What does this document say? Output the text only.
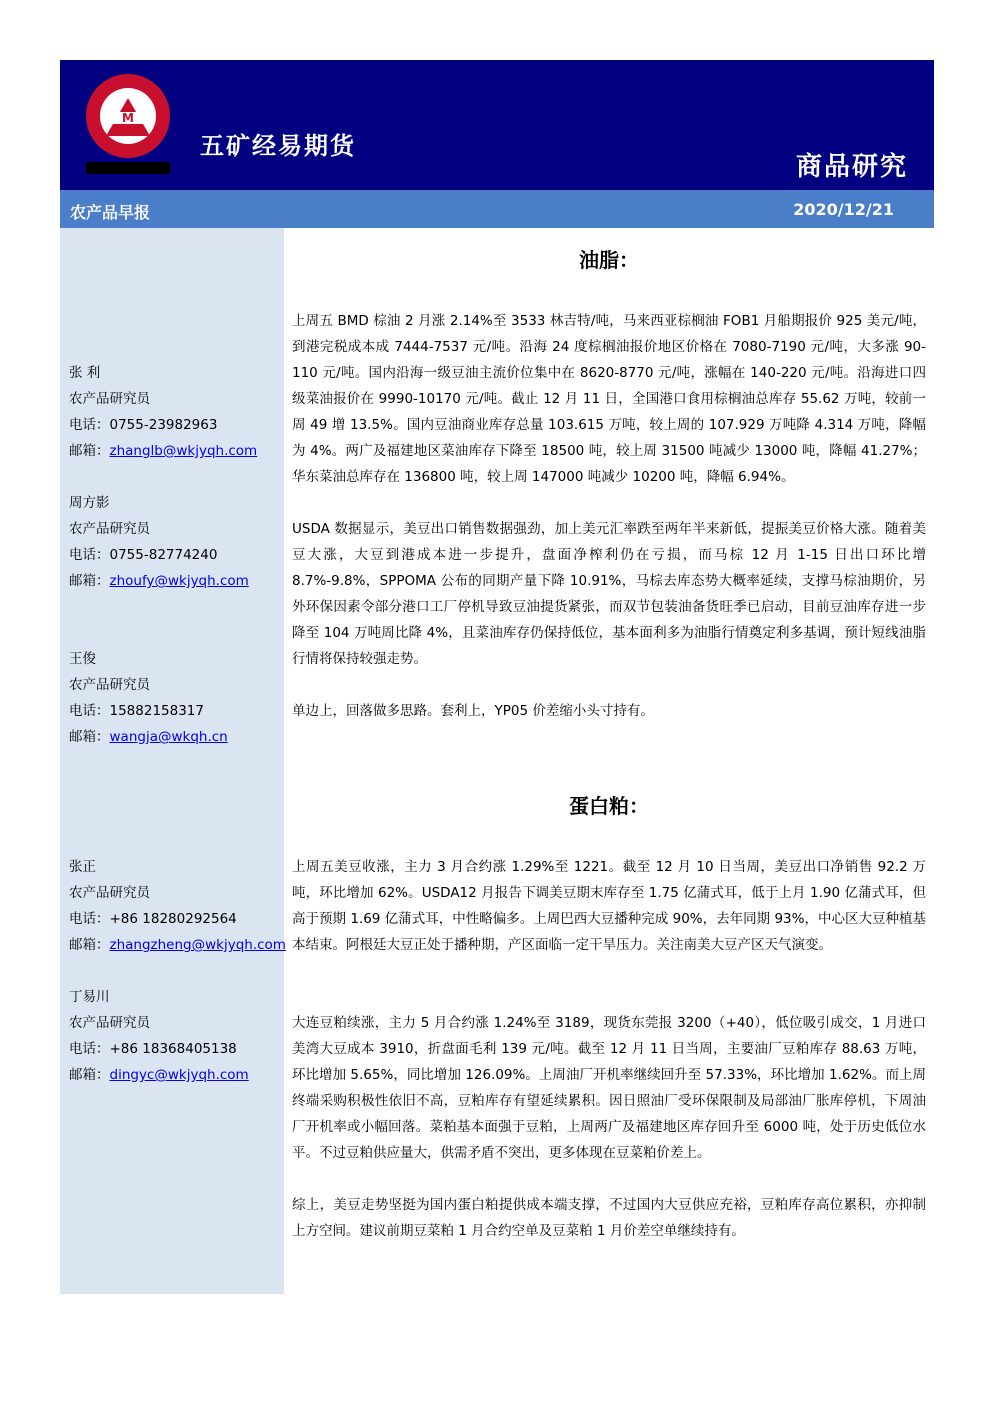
M
五矿经易期货
商品研究
农产品早报	2020/12/21
张 利
农产品研究员
电话：0755-23982963
邮箱：zhanglb@wkjyqh.com
周方影
农产品研究员
电话：0755-82774240
邮箱：zhoufy@wkjyqh.com
王俊
农产品研究员
电话：15882158317
邮箱：wangja@wkqh.cn
张正
农产品研究员
电话：+86 18280292564
邮箱：zhangzheng@wkjyqh.com
丁易川
农产品研究员
电话：+86 18368405138
邮箱：dingyc@wkjyqh.com
油脂：
上周五 BMD 棕油 2 月涨 2.14%至 3533 林吉特/吨，马来西亚棕榈油 FOB1 月船期报价 925 美元/吨，到港完税成本成 7444-7537 元/吨。沿海 24 度棕榈油报价地区价格在 7080-7190 元/吨，大多涨 90-110 元/吨。国内沿海一级豆油主流价位集中在 8620-8770 元/吨，涨幅在 140-220 元/吨。沿海进口四级菜油报价在 9990-10170 元/吨。截止 12 月 11 日，全国港口食用棕榈油总库存 55.62 万吨，较前一周 49 增 13.5%。国内豆油商业库存总量 103.615 万吨，较上周的 107.929 万吨降 4.314 万吨，降幅为 4%。两广及福建地区菜油库存下降至 18500 吨，较上周 31500 吨减少 13000 吨，降幅 41.27%；华东菜油总库存在 136800 吨，较上周 147000 吨减少 10200 吨，降幅 6.94%。
USDA 数据显示，美豆出口销售数据强劲，加上美元汇率跌至两年半来新低，提振美豆价格大涨。随着美豆大涨，大豆到港成本进一步提升，盘面净榨利仍在亏损，而马棕 12 月 1-15 日出口环比增 8.7%-9.8%，SPPOMA 公布的同期产量下降 10.91%，马棕去库态势大概率延续，支撑马棕油期价，另外环保因素令部分港口工厂停机导致豆油提货紧张，而双节包装油备货旺季已启动，目前豆油库存进一步降至 104 万吨周比降 4%，且菜油库存仍保持低位，基本面利多为油脂行情奠定利多基调，预计短线油脂行情将保持较强走势。
单边上，回落做多思路。套利上，YP05 价差缩小头寸持有。
蛋白粕：
上周五美豆收涨，主力 3 月合约涨 1.29%至 1221。截至 12 月 10 日当周，美豆出口净销售 92.2 万吨，环比增加 62%。USDA12 月报告下调美豆期末库存至 1.75 亿蒲式耳，低于上月 1.90 亿蒲式耳，但高于预期 1.69 亿蒲式耳，中性略偏多。上周巴西大豆播种完成 90%，去年同期 93%，中心区大豆种植基本结束。阿根廷大豆正处于播种期，产区面临一定干旱压力。关注南美大豆产区天气演变。
大连豆粕续涨，主力 5 月合约涨 1.24%至 3189，现货东莞报 3200（+40），低位吸引成交，1 月进口美湾大豆成本 3910，折盘面毛利 139 元/吨。截至 12 月 11 日当周，主要油厂豆粕库存 88.63 万吨，环比增加 5.65%，同比增加 126.09%。上周油厂开机率继续回升至 57.33%，环比增加 1.62%。而上周终端采购积极性依旧不高，豆粕库存有望延续累积。因日照油厂受环保限制及局部油厂胀库停机，下周油厂开机率或小幅回落。菜粕基本面强于豆粕，上周两广及福建地区库存回升至 6000 吨，处于历史低位水平。不过豆粕供应量大，供需矛盾不突出，更多体现在豆菜粕价差上。
综上，美豆走势坚挺为国内蛋白粕提供成本端支撑，不过国内大豆供应充裕，豆粕库存高位累积，亦抑制上方空间。建议前期豆菜粕 1 月合约空单及豆菜粕 1 月价差空单继续持有。
